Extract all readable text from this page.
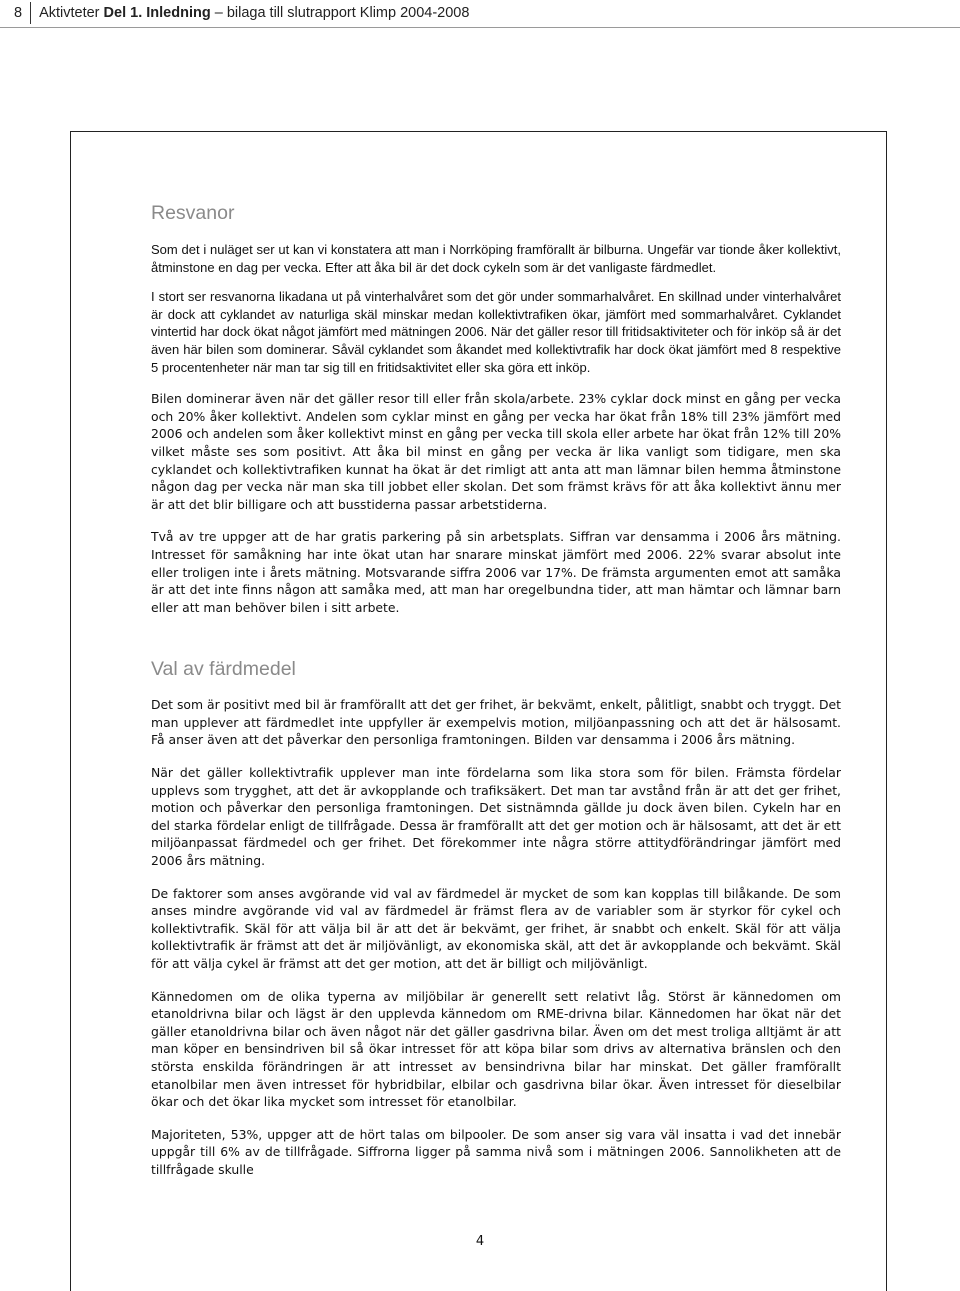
8 Aktivteter Del 1. Inledning – bilaga till slutrapport Klimp 2004-2008
Resvanor

Som det i nuläget ser ut kan vi konstatera att man i Norrköping framförallt är bilburna. Ungefär var tionde åker kollektivt, åtminstone en dag per vecka. Efter att åka bil är det dock cykeln som är det vanligaste färdmedlet.

I stort ser resvanorna likadana ut på vinterhalvåret som det gör under sommarhalvåret. En skillnad under vinterhalvåret är dock att cyklandet av naturliga skäl minskar medan kollektivtrafiken ökar, jämfört med sommarhalvåret. Cyklandet vintertid har dock ökat något jämfört med mätningen 2006. När det gäller resor till fritidsaktiviteter och för inköp så är det även här bilen som dominerar. Såväl cyklandet som åkandet med kollektivtrafik har dock ökat jämfört med 8 respektive 5 procentenheter när man tar sig till en fritidsaktivitet eller ska göra ett inköp.

Bilen dominerar även när det gäller resor till eller från skola/arbete. 23% cyklar dock minst en gång per vecka och 20% åker kollektivt. Andelen som cyklar minst en gång per vecka har ökat från 18% till 23% jämfört med 2006 och andelen som åker kollektivt minst en gång per vecka till skola eller arbete har ökat från 12% till 20% vilket måste ses som positivt. Att åka bil minst en gång per vecka är lika vanligt som tidigare, men ska cyklandet och kollektivtrafiken kunnat ha ökat är det rimligt att anta att man lämnar bilen hemma åtminstone någon dag per vecka när man ska till jobbet eller skolan. Det som främst krävs för att åka kollektivt ännu mer är att det blir billigare och att busstiderna passar arbetstiderna.

Två av tre uppger att de har gratis parkering på sin arbetsplats. Siffran var densamma i 2006 års mätning. Intresset för samåkning har inte ökat utan har snarare minskat jämfört med 2006. 22% svarar absolut inte eller troligen inte i årets mätning. Motsvarande siffra 2006 var 17%. De främsta argumenten emot att samåka är att det inte finns någon att samåka med, att man har oregelbundna tider, att man hämtar och lämnar barn eller att man behöver bilen i sitt arbete.

Val av färdmedel

Det som är positivt med bil är framförallt att det ger frihet, är bekvämt, enkelt, pålitligt, snabbt och tryggt. Det man upplever att färdmedlet inte uppfyller är exempelvis motion, miljöanpassning och att det är hälsosamt. Få anser även att det påverkar den personliga framtoningen. Bilden var densamma i 2006 års mätning.

När det gäller kollektivtrafik upplever man inte fördelarna som lika stora som för bilen. Främsta fördelar upplevs som trygghet, att det är avkopplande och trafiksäkert. Det man tar avstånd från är att det ger frihet, motion och påverkar den personliga framtoningen. Det sistnämnda gällde ju dock även bilen. Cykeln har en del starka fördelar enligt de tillfrågade. Dessa är framförallt att det ger motion och är hälsosamt, att det är ett miljöanpassat färdmedel och ger frihet. Det förekommer inte några större attitydförändringar jämfört med 2006 års mätning.

De faktorer som anses avgörande vid val av färdmedel är mycket de som kan kopplas till bilåkande. De som anses mindre avgörande vid val av färdmedel är främst flera av de variabler som är styrkor för cykel och kollektivtrafik. Skäl för att välja bil är att det är bekvämt, ger frihet, är snabbt och enkelt. Skäl för att välja kollektivtrafik är främst att det är miljövänligt, av ekonomiska skäl, att det är avkopplande och bekvämt. Skäl för att välja cykel är främst att det ger motion, att det är billigt och miljövänligt.

Kännedomen om de olika typerna av miljöbilar är generellt sett relativt låg. Störst är kännedomen om etanoldrivna bilar och lägst är den upplevda kännedom om RME-drivna bilar. Kännedomen har ökat när det gäller etanoldrivna bilar och även något när det gäller gasdrivna bilar. Även om det mest troliga alltjämt är att man köper en bensindriven bil så ökar intresset för att köpa bilar som drivs av alternativa bränslen och den största enskilda förändringen är att intresset av bensindrivna bilar har minskat. Det gäller framförallt etanolbilar men även intresset för hybridbilar, elbilar och gasdrivna bilar ökar. Även intresset för dieselbilar ökar och det ökar lika mycket som intresset för etanolbilar.

Majoriteten, 53%, uppger att de hört talas om bilpooler. De som anser sig vara väl insatta i vad det innebär uppgår till 6% av de tillfrågade. Siffrorna ligger på samma nivå som i mätningen 2006. Sannolikheten att de tillfrågade skulle

4
